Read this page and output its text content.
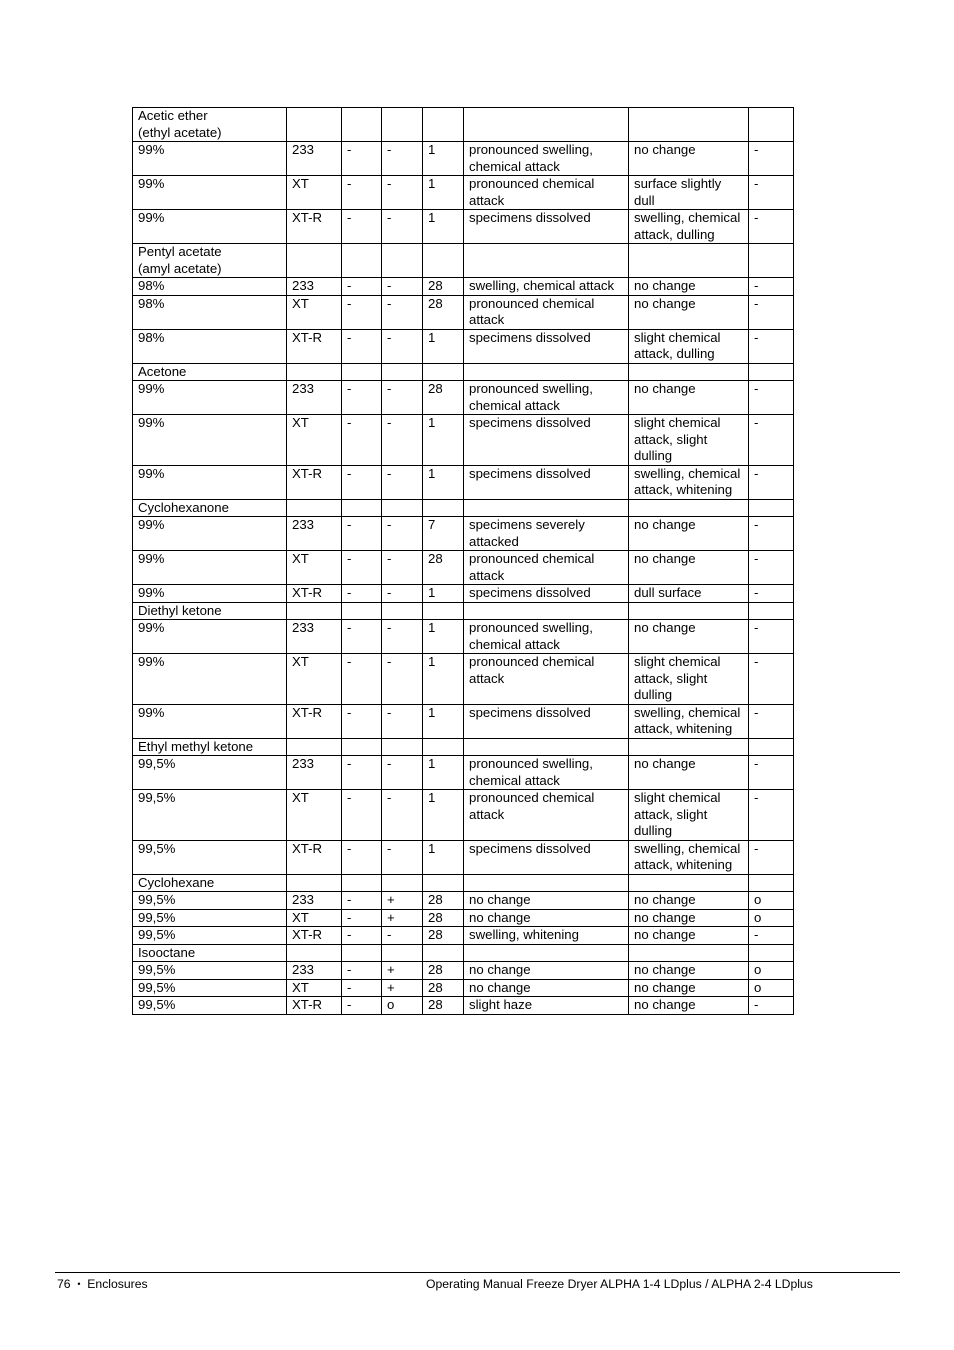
Acetic ether
(ethyl acetate)							
99%	233	-	-	1	pronounced swelling, chemical attack	no change	-
99%	XT	-	-	1	pronounced chemical attack	surface slightly dull	-
99%	XT-R	-	-	1	specimens dissolved	swelling, chemical attack, dulling	-
Pentyl acetate
(amyl acetate)							
98%	233	-	-	28	swelling, chemical attack	no change	-
98%	XT	-	-	28	pronounced chemical attack	no change	-
98%	XT-R	-	-	1	specimens dissolved	slight chemical attack, dulling	-
Acetone							
99%	233	-	-	28	pronounced swelling, chemical attack	no change	-
99%	XT	-	-	1	specimens dissolved	slight chemical attack, slight dulling	-
99%	XT-R	-	-	1	specimens dissolved	swelling, chemical attack, whitening	-
Cyclohexanone							
99%	233	-	-	7	specimens severely attacked	no change	-
99%	XT	-	-	28	pronounced chemical attack	no change	-
99%	XT-R	-	-	1	specimens dissolved	dull surface	-
Diethyl ketone							
99%	233	-	-	1	pronounced swelling, chemical attack	no change	-
99%	XT	-	-	1	pronounced chemical attack	slight chemical attack, slight dulling	-
99%	XT-R	-	-	1	specimens dissolved	swelling, chemical attack, whitening	-
Ethyl methyl ketone							
99,5%	233	-	-	1	pronounced swelling, chemical attack	no change	-
99,5%	XT	-	-	1	pronounced chemical attack	slight chemical attack, slight dulling	-
99,5%	XT-R	-	-	1	specimens dissolved	swelling, chemical attack, whitening	-
Cyclohexane							
99,5%	233	-	+	28	no change	no change	o
99,5%	XT	-	+	28	no change	no change	o
99,5%	XT-R	-	-	28	swelling, whitening	no change	-
Isooctane							
99,5%	233	-	+	28	no change	no change	o
99,5%	XT	-	+	28	no change	no change	o
99,5%	XT-R	-	o	28	slight haze	no change	-
76 • Enclosures	Operating Manual Freeze Dryer ALPHA 1-4 LDplus / ALPHA 2-4 LDplus
